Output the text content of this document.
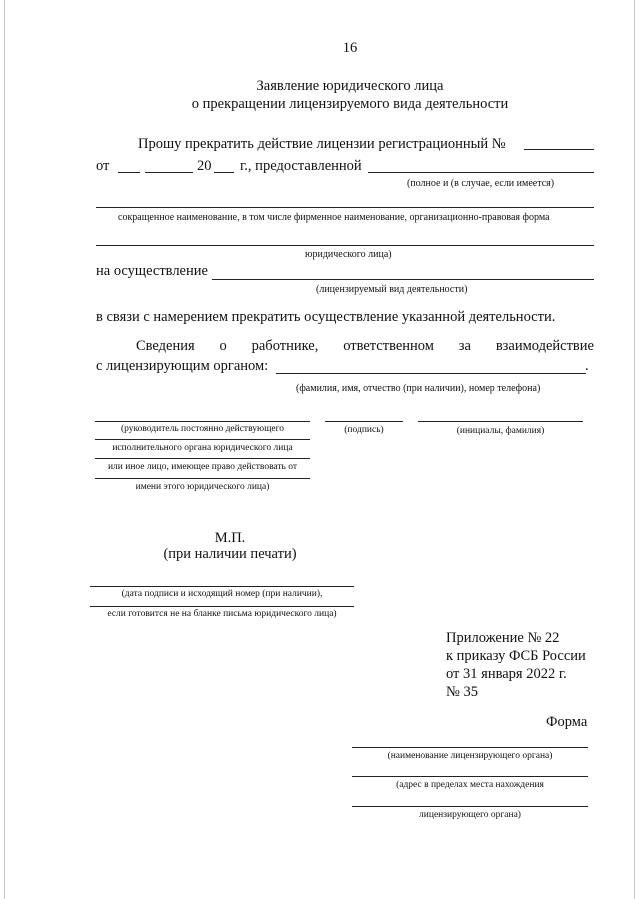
16
Заявление юридического лица
о прекращении лицензируемого вида деятельности
Прошу прекратить действие лицензии регистрационный №
от	20 г., предоставленной
(полное и (в случае, если имеется)
сокращенное наименование, в том числе фирменное наименование, организационно-правовая форма
юридического лица)
на осуществление
(лицензируемый вид деятельности)
в связи с намерением прекратить осуществление указанной деятельности.
Сведения о работнике, ответственном за взаимодействие
с лицензирующим органом:	.
(фамилия, имя, отчество (при наличии), номер телефона)
(руководитель постоянно действующего	(подпись)	(инициалы, фамилия)
исполнительного органа юридического лица
или иное лицо, имеющее право действовать от
имени этого юридического лица)
М.П.
(при наличии печати)
(дата подписи и исходящий номер (при наличии),
если готовится не на бланке письма юридического лица)
Приложение № 22
к приказу ФСБ России
от 31 января 2022 г.
№ 35
Форма
(наименование лицензирующего органа)
(адрес в пределах места нахождения
лицензирующего органа)
